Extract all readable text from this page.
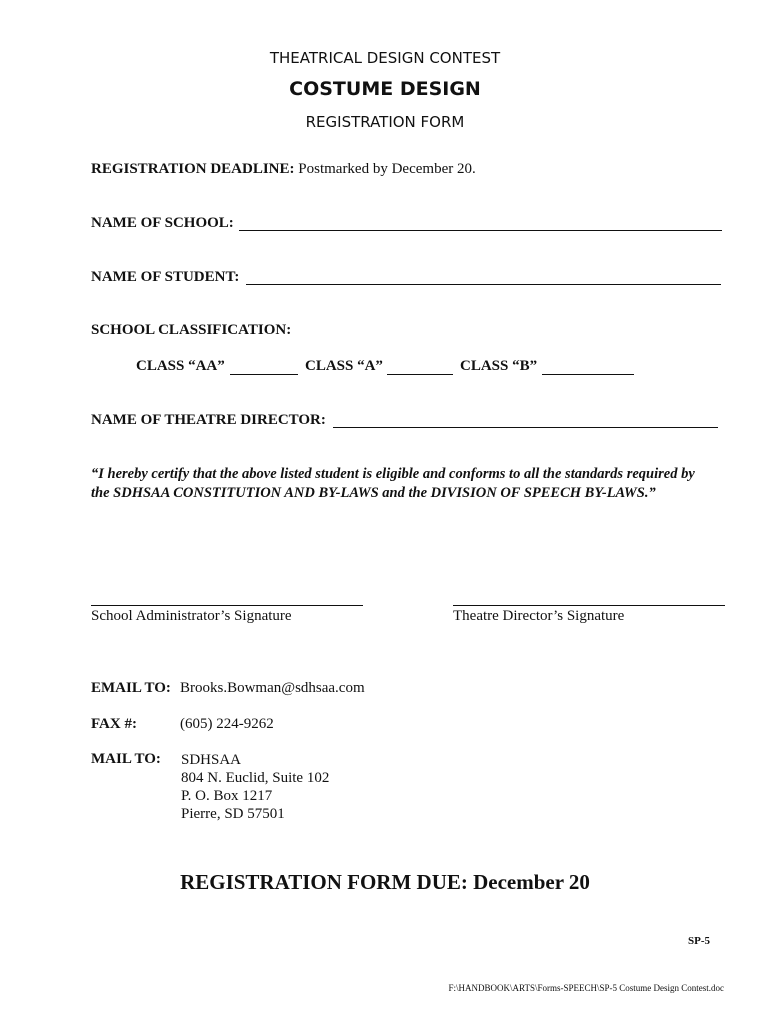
THEATRICAL DESIGN CONTEST
COSTUME DESIGN
REGISTRATION FORM
REGISTRATION DEADLINE: Postmarked by December 20.
NAME OF SCHOOL:
NAME OF STUDENT:
SCHOOL CLASSIFICATION:
CLASS “AA”	CLASS “A”	CLASS “B”
NAME OF THEATRE DIRECTOR:
“I hereby certify that the above listed student is eligible and conforms to all the standards required by
the SDHSAA CONSTITUTION AND BY-LAWS and the DIVISION OF SPEECH BY-LAWS.”
School Administrator’s Signature	Theatre Director’s Signature
EMAIL TO: Brooks.Bowman@sdhsaa.com
FAX #:	(605) 224-9262
MAIL TO: SDHSAA
804 N. Euclid, Suite 102
P. O. Box 1217
Pierre, SD 57501
REGISTRATION FORM DUE: December 20
SP-5
F:\HANDBOOK\ARTS\Forms-SPEECH\SP-5 Costume Design Contest.doc
